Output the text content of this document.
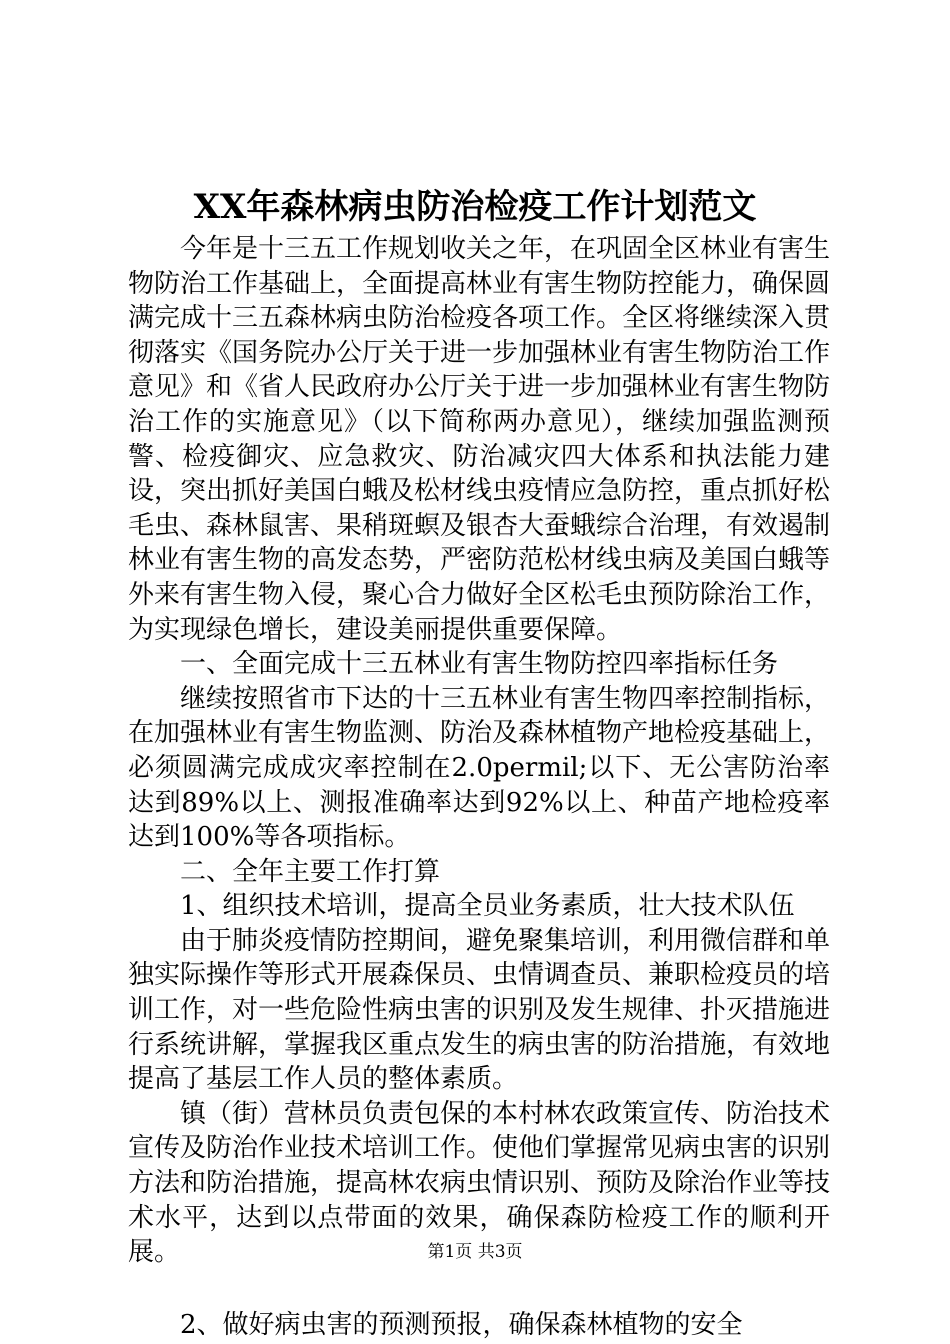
XX年森林病虫防治检疫工作计划范文

今年是十三五工作规划收关之年，在巩固全区林业有害生物防治工作基础上，全面提高林业有害生物防控能力，确保圆满完成十三五森林病虫防治检疫各项工作。全区将继续深入贯彻落实《国务院办公厅关于进一步加强林业有害生物防治工作意见》和《省人民政府办公厅关于进一步加强林业有害生物防治工作的实施意见》（以下简称两办意见），继续加强监测预警、检疫御灾、应急救灾、防治减灾四大体系和执法能力建设，突出抓好美国白蛾及松材线虫疫情应急防控，重点抓好松毛虫、森林鼠害、果稍斑螟及银杏大蚕蛾综合治理，有效遏制林业有害生物的高发态势，严密防范松材线虫病及美国白蛾等外来有害生物入侵，聚心合力做好全区松毛虫预防除治工作，为实现绿色增长，建设美丽提供重要保障。

一、全面完成十三五林业有害生物防控四率指标任务

继续按照省市下达的十三五林业有害生物四率控制指标，在加强林业有害生物监测、防治及森林植物产地检疫基础上，必须圆满完成成灾率控制在2.0permil;以下、无公害防治率达到89%以上、测报准确率达到92%以上、种苗产地检疫率达到100%等各项指标。

二、全年主要工作打算

1、组织技术培训，提高全员业务素质，壮大技术队伍

由于肺炎疫情防控期间，避免聚集培训，利用微信群和单独实际操作等形式开展森保员、虫情调查员、兼职检疫员的培训工作，对一些危险性病虫害的识别及发生规律、扑灭措施进行系统讲解，掌握我区重点发生的病虫害的防治措施，有效地提高了基层工作人员的整体素质。

镇（街）营林员负责包保的本村林农政策宣传、防治技术宣传及防治作业技术培训工作。使他们掌握常见病虫害的识别方法和防治措施，提高林农病虫情识别、预防及除治作业等技术水平，达到以点带面的效果，确保森防检疫工作的顺利开展。

2、做好病虫害的预测预报，确保森林植物的安全

第1页 共3页
